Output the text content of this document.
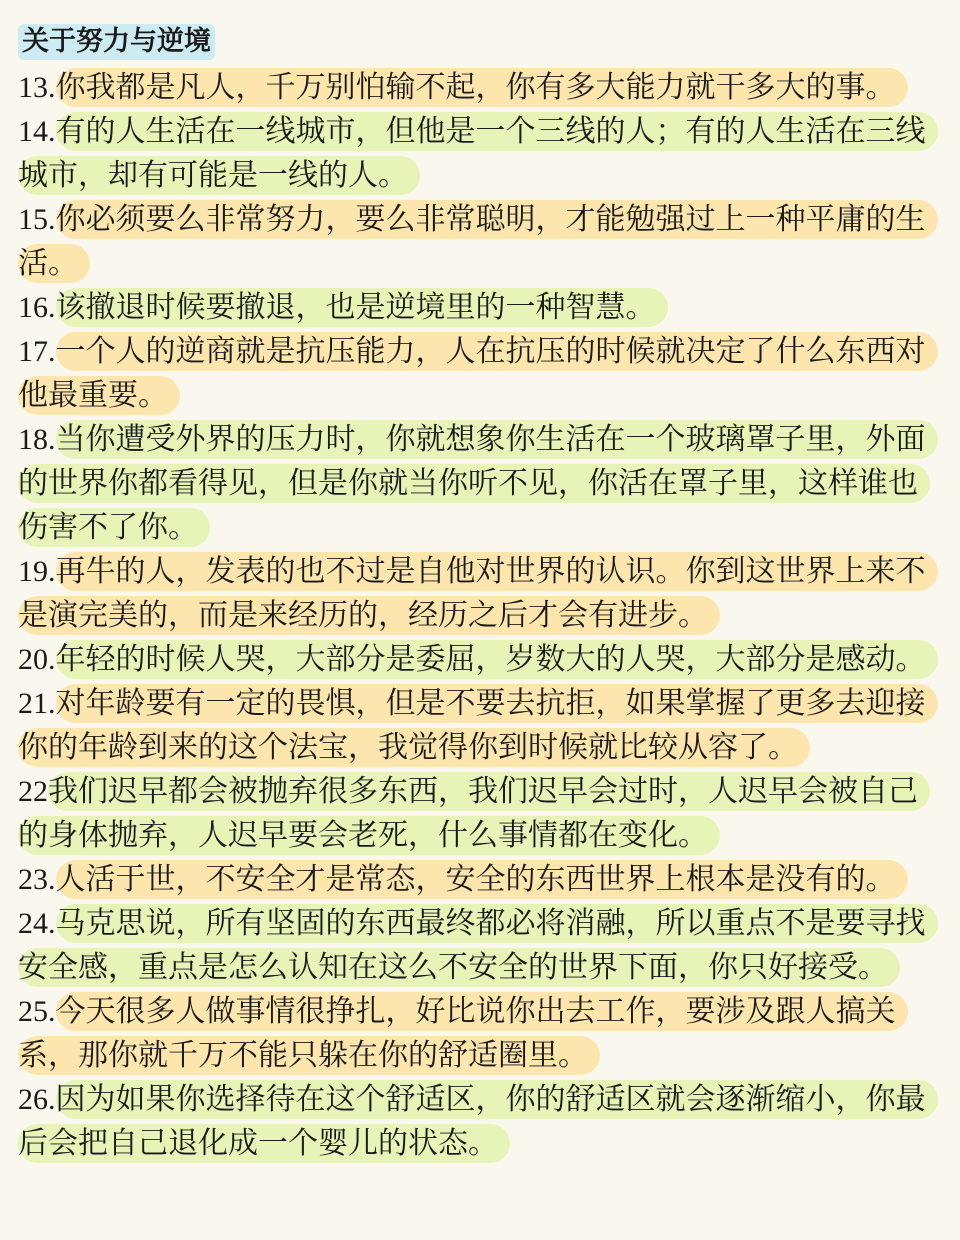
关于努力与逆境

13.你我都是凡人，千万别怕输不起，你有多大能力就干多大的事。

14.有的人生活在一线城市，但他是一个三线的人；有的人生活在三线城市，却有可能是一线的人。

15.你必须要么非常努力，要么非常聪明，才能勉强过上一种平庸的生活。

16.该撤退时候要撤退，也是逆境里的一种智慧。

17.一个人的逆商就是抗压能力，人在抗压的时候就决定了什么东西对他最重要。

18.当你遭受外界的压力时，你就想象你生活在一个玻璃罩子里，外面的世界你都看得见，但是你就当你听不见，你活在罩子里，这样谁也伤害不了你。

19.再牛的人，发表的也不过是自他对世界的认识。你到这世界上来不是演完美的，而是来经历的，经历之后才会有进步。

20.年轻的时候人哭，大部分是委屈，岁数大的人哭，大部分是感动。

21.对年龄要有一定的畏惧，但是不要去抗拒，如果掌握了更多去迎接你的年龄到来的这个法宝，我觉得你到时候就比较从容了。

22我们迟早都会被抛弃很多东西，我们迟早会过时，人迟早会被自己的身体抛弃，人迟早要会老死，什么事情都在变化。

23.人活于世，不安全才是常态，安全的东西世界上根本是没有的。

24.马克思说，所有坚固的东西最终都必将消融，所以重点不是要寻找安全感，重点是怎么认知在这么不安全的世界下面，你只好接受。

25.今天很多人做事情很挣扎，好比说你出去工作，要涉及跟人搞关系，那你就千万不能只躲在你的舒适圈里。

26.因为如果你选择待在这个舒适区，你的舒适区就会逐渐缩小，你最后会把自己退化成一个婴儿的状态。
